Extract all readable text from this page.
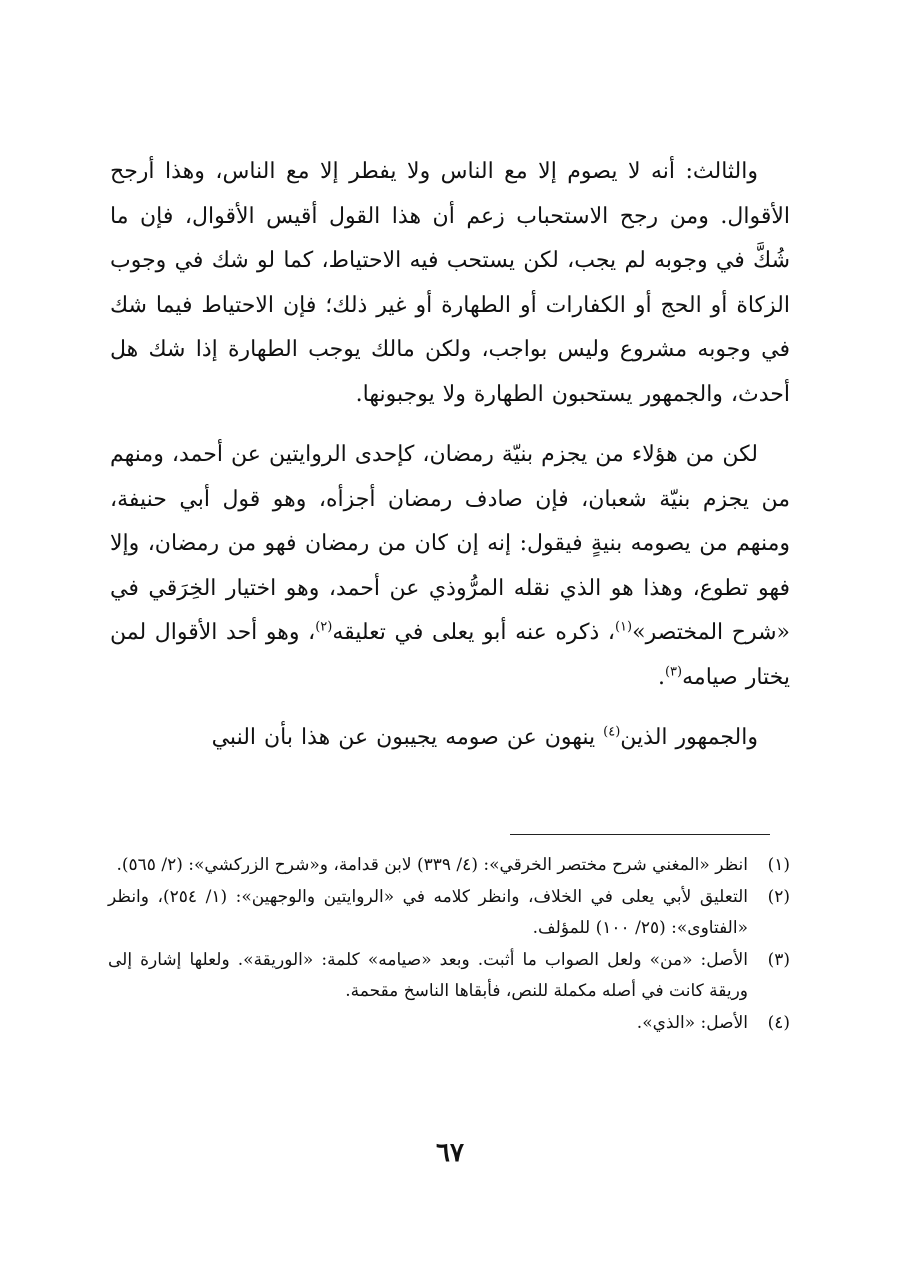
والثالث: أنه لا يصوم إلا مع الناس ولا يفطر إلا مع الناس، وهذا أرجح الأقوال. ومن رجح الاستحباب زعم أن هذا القول أقيس الأقوال، فإن ما شُكَّ في وجوبه لم يجب، لكن يستحب فيه الاحتياط، كما لو شك في وجوب الزكاة أو الحج أو الكفارات أو الطهارة أو غير ذلك؛ فإن الاحتياط فيما شك في وجوبه مشروع وليس بواجب، ولكن مالك يوجب الطهارة إذا شك هل أحدث، والجمهور يستحبون الطهارة ولا يوجبونها.

لكن من هؤلاء من يجزم بنيّة رمضان، كإحدى الروايتين عن أحمد، ومنهم من يجزم بنيّة شعبان، فإن صادف رمضان أجزأه، وهو قول أبي حنيفة، ومنهم من يصومه بنيةٍ فيقول: إنه إن كان من رمضان فهو من رمضان، وإلا فهو تطوع، وهذا هو الذي نقله المرُّوذي عن أحمد، وهو اختيار الخِرَقي في «شرح المختصر»$^{(١)}$، ذكره عنه أبو يعلى في تعليقه$^{(٢)}$، وهو أحد الأقوال لمن يختار صيامه$^{(٣)}$.

والجمهور الذين$^{(٤)}$ ينهون عن صومه يجيبون عن هذا بأن النبي

(١)
انظر «المغني شرح مختصر الخرقي»: (٤/ ٣٣٩) لابن قدامة، و«شرح الزركشي»: (٢/ ٥٦٥).
(٢)
التعليق لأبي يعلى في الخلاف، وانظر كلامه في «الروايتين والوجهين»: (١/ ٢٥٤)، وانظر «الفتاوى»: (٢٥/ ١٠٠) للمؤلف.
(٣)
الأصل: «من» ولعل الصواب ما أثبت. وبعد «صيامه» كلمة: «الوريقة». ولعلها إشارة إلى وريقة كانت في أصله مكملة للنص، فأبقاها الناسخ مقحمة.
(٤)
الأصل: «الذي».
٦٧
